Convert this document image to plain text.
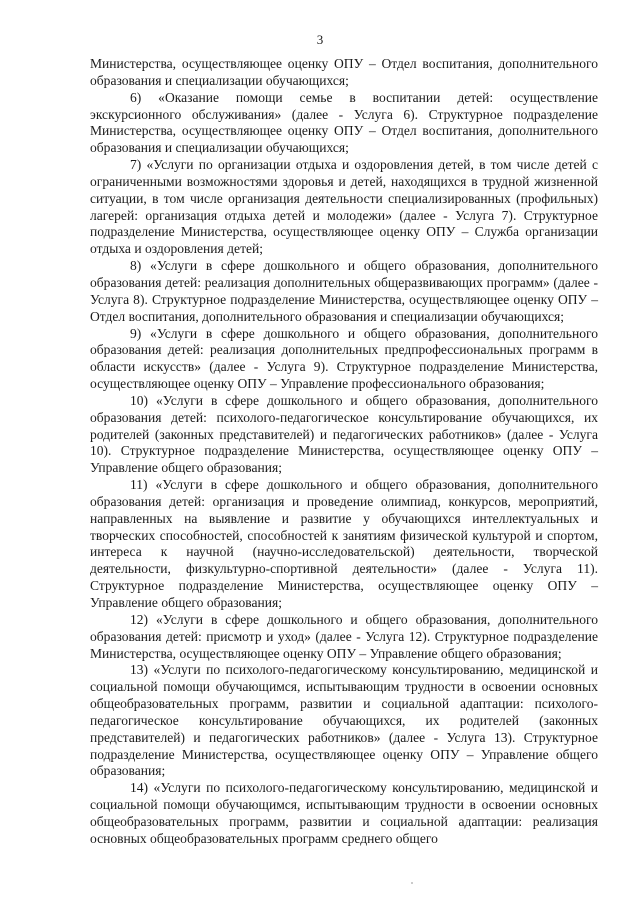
3

Министерства, осуществляющее оценку ОПУ – Отдел воспитания, дополнительного образования и специализации обучающихся;

6) «Оказание помощи семье в воспитании детей: осуществление экскурсионного обслуживания» (далее - Услуга 6). Структурное подразделение Министерства, осуществляющее оценку ОПУ – Отдел воспитания, дополнительного образования и специализации обучающихся;

7) «Услуги по организации отдыха и оздоровления детей, в том числе детей с ограниченными возможностями здоровья и детей, находящихся в трудной жизненной ситуации, в том числе организация деятельности специализированных (профильных) лагерей: организация отдыха детей и молодежи» (далее - Услуга 7). Структурное подразделение Министерства, осуществляющее оценку ОПУ – Служба организации отдыха и оздоровления детей;

8) «Услуги в сфере дошкольного и общего образования, дополнительного образования детей: реализация дополнительных общеразвивающих программ» (далее - Услуга 8). Структурное подразделение Министерства, осуществляющее оценку ОПУ – Отдел воспитания, дополнительного образования и специализации обучающихся;

9) «Услуги в сфере дошкольного и общего образования, дополнительного образования детей: реализация дополнительных предпрофессиональных программ в области искусств» (далее - Услуга 9). Структурное подразделение Министерства, осуществляющее оценку ОПУ – Управление профессионального образования;

10) «Услуги в сфере дошкольного и общего образования, дополнительного образования детей: психолого-педагогическое консультирование обучающихся, их родителей (законных представителей) и педагогических работников» (далее - Услуга 10). Структурное подразделение Министерства, осуществляющее оценку ОПУ – Управление общего образования;

11) «Услуги в сфере дошкольного и общего образования, дополнительного образования детей: организация и проведение олимпиад, конкурсов, мероприятий, направленных на выявление и развитие у обучающихся интеллектуальных и творческих способностей, способностей к занятиям физической культурой и спортом, интереса к научной (научно-исследовательской) деятельности, творческой деятельности, физкультурно-спортивной деятельности» (далее - Услуга 11). Структурное подразделение Министерства, осуществляющее оценку ОПУ – Управление общего образования;

12) «Услуги в сфере дошкольного и общего образования, дополнительного образования детей: присмотр и уход» (далее - Услуга 12). Структурное подразделение Министерства, осуществляющее оценку ОПУ – Управление общего образования;

13) «Услуги по психолого-педагогическому консультированию, медицинской и социальной помощи обучающимся, испытывающим трудности в освоении основных общеобразовательных программ, развитии и социальной адаптации: психолого-педагогическое консультирование обучающихся, их родителей (законных представителей) и педагогических работников» (далее - Услуга 13). Структурное подразделение Министерства, осуществляющее оценку ОПУ – Управление общего образования;

14) «Услуги по психолого-педагогическому консультированию, медицинской и социальной помощи обучающимся, испытывающим трудности в освоении основных общеобразовательных программ, развитии и социальной адаптации: реализация основных общеобразовательных программ среднего общего
